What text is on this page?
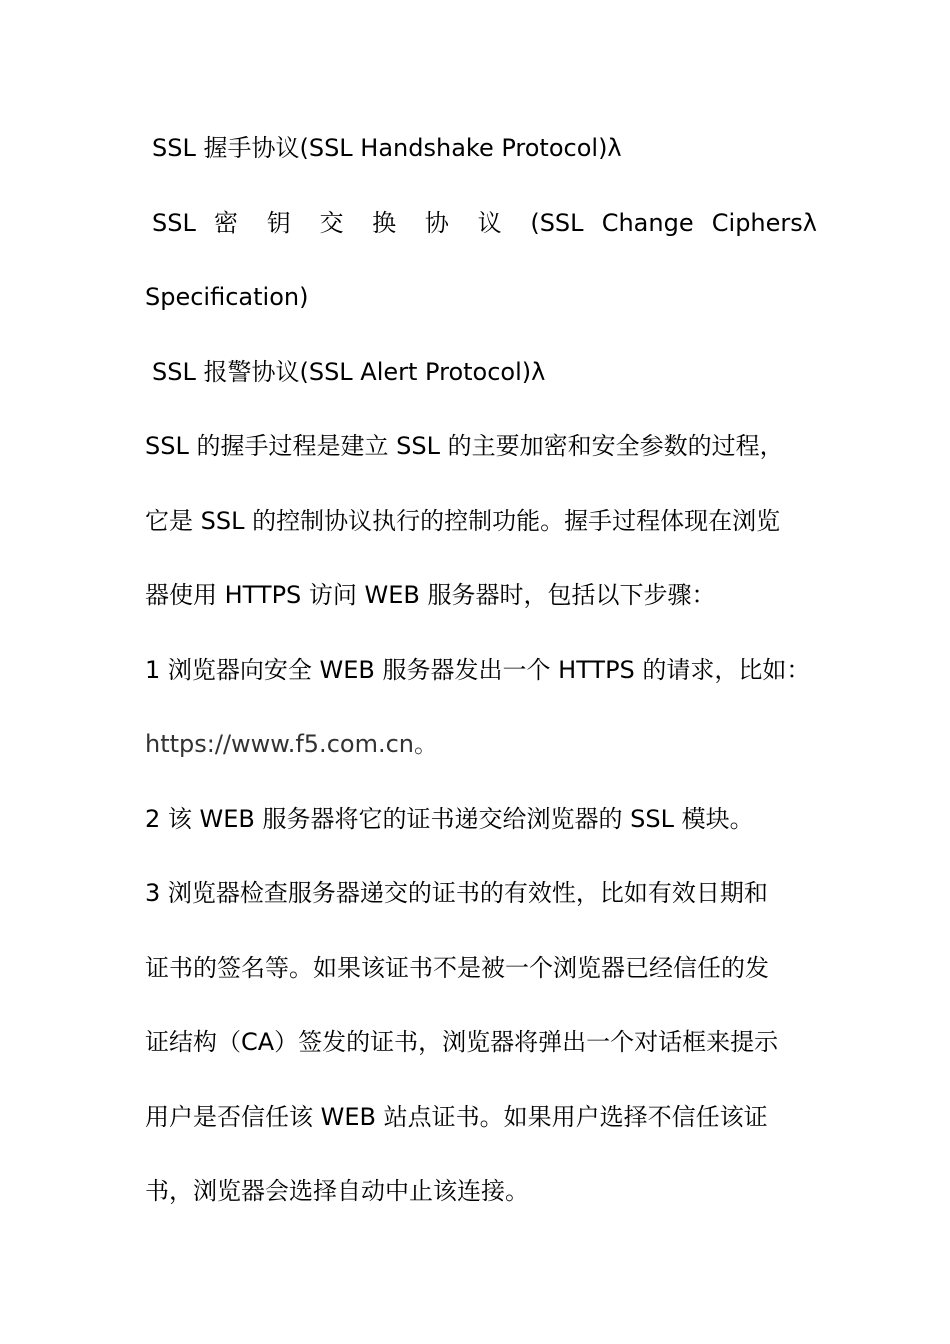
SSL 握手协议(SSL Handshake Protocol)λ
SSL 密 钥 交 换 协 议 (SSL Change Ciphersλ
Specification)
SSL 报警协议(SSL Alert Protocol)λ
SSL 的握手过程是建立 SSL 的主要加密和安全参数的过程，
它是 SSL 的控制协议执行的控制功能。握手过程体现在浏览
器使用 HTTPS 访问 WEB 服务器时，包括以下步骤：
1 浏览器向安全 WEB 服务器发出一个 HTTPS 的请求，比如：
https://www.f5.com.cn。
2 该 WEB 服务器将它的证书递交给浏览器的 SSL 模块。
3 浏览器检查服务器递交的证书的有效性，比如有效日期和
证书的签名等。如果该证书不是被一个浏览器已经信任的发
证结构（CA）签发的证书，浏览器将弹出一个对话框来提示
用户是否信任该 WEB 站点证书。如果用户选择不信任该证
书，浏览器会选择自动中止该连接。
